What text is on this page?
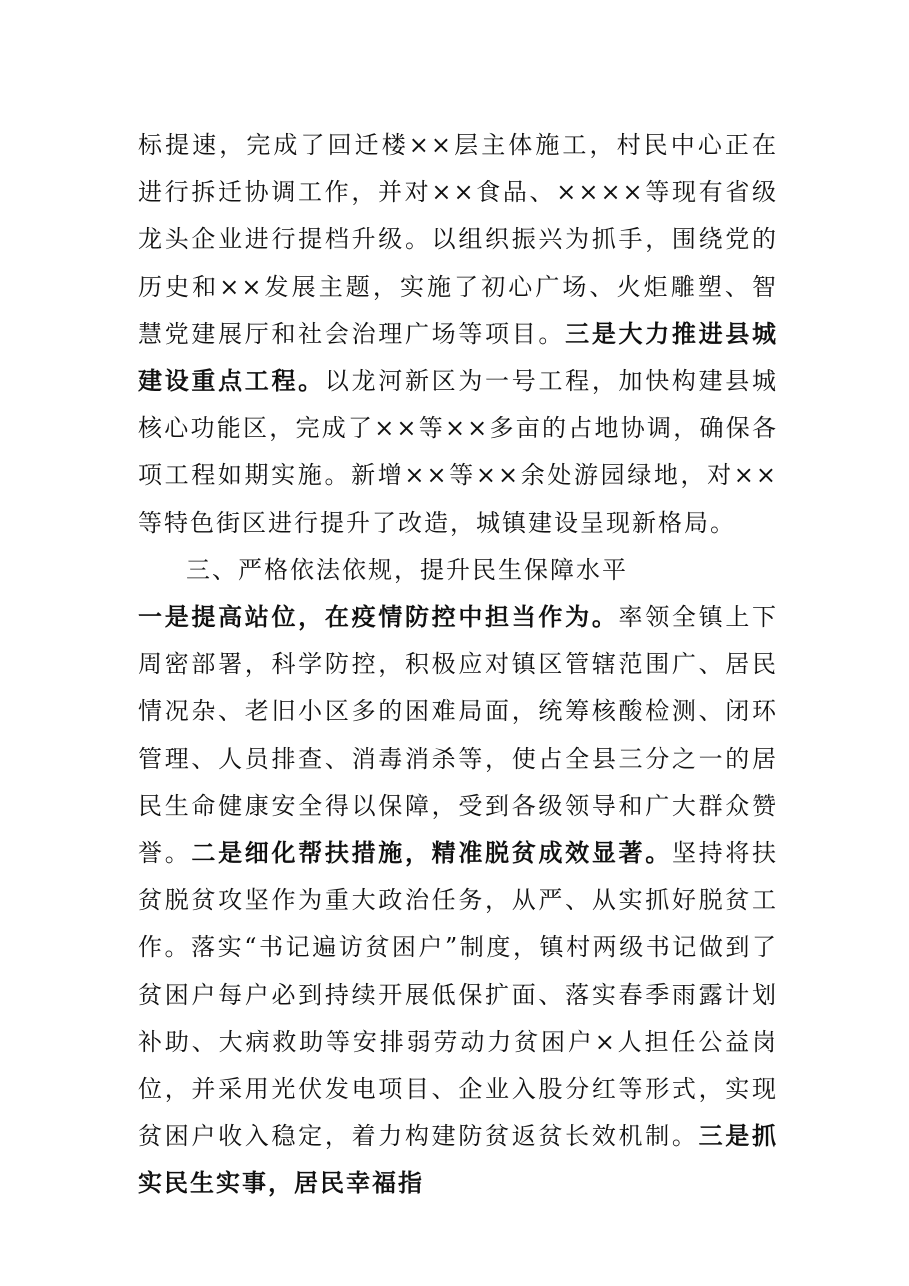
标提速，完成了回迁楼××层主体施工，村民中心正在进行拆迁协调工作，并对××食品、××××等现有省级龙头企业进行提档升级。以组织振兴为抓手，围绕党的历史和××发展主题，实施了初心广场、火炬雕塑、智慧党建展厅和社会治理广场等项目。三是大力推进县城建设重点工程。以龙河新区为一号工程，加快构建县城核心功能区，完成了××等××多亩的占地协调，确保各项工程如期实施。新增××等××余处游园绿地，对××等特色街区进行提升了改造，城镇建设呈现新格局。

三、严格依法依规，提升民生保障水平

一是提高站位，在疫情防控中担当作为。率领全镇上下周密部署，科学防控，积极应对镇区管辖范围广、居民情况杂、老旧小区多的困难局面，统筹核酸检测、闭环管理、人员排查、消毒消杀等，使占全县三分之一的居民生命健康安全得以保障，受到各级领导和广大群众赞誉。二是细化帮扶措施，精准脱贫成效显著。坚持将扶贫脱贫攻坚作为重大政治任务，从严、从实抓好脱贫工作。落实“书记遍访贫困户”制度，镇村两级书记做到了贫困户每户必到持续开展低保扩面、落实春季雨露计划补助、大病救助等安排弱劳动力贫困户×人担任公益岗位，并采用光伏发电项目、企业入股分红等形式，实现贫困户收入稳定，着力构建防贫返贫长效机制。三是抓实民生实事，居民幸福指
